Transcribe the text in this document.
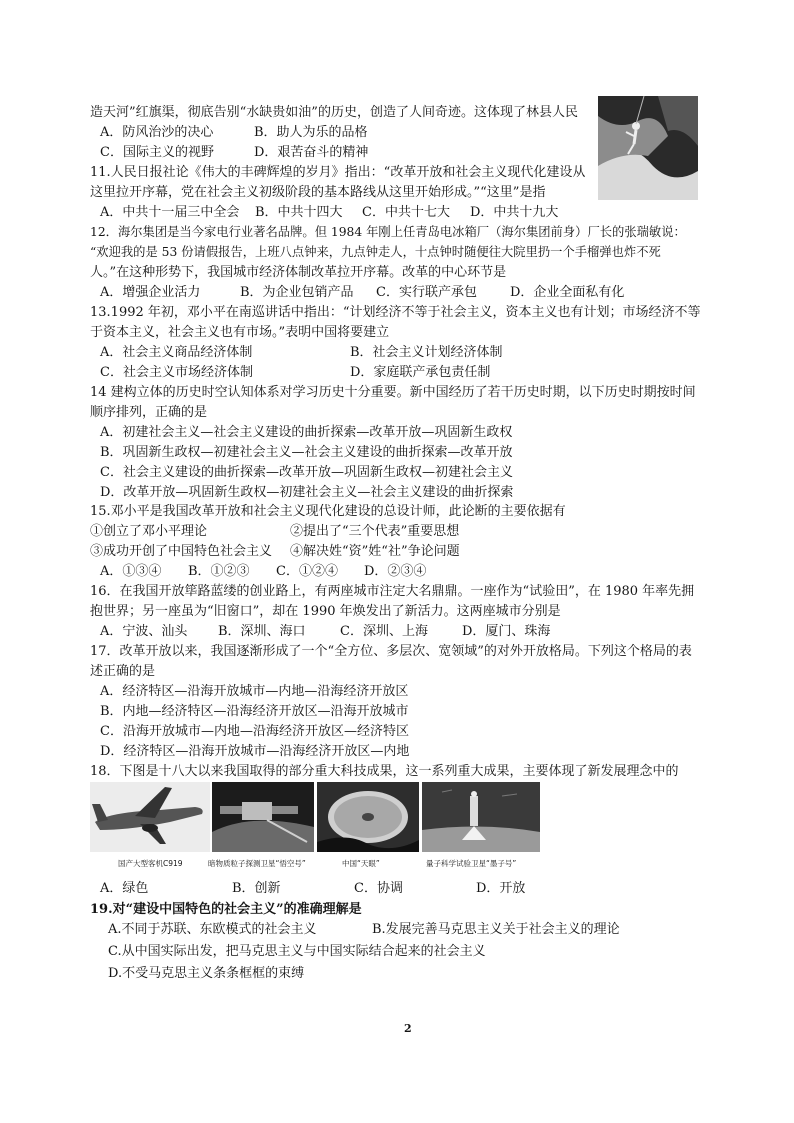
造天河”红旗渠，彻底告别“水缺贵如油”的历史，创造了人间奇迹。这体现了林县人民
A．防风治沙的决心	B．助人为乐的品格
C．国际主义的视野	D．艰苦奋斗的精神
11.人民日报社论《伟大的丰碑辉煌的岁月》指出：“改革开放和社会主义现代化建设从
这里拉开序幕，党在社会主义初级阶段的基本路线从这里开始形成。”“这里”是指
A．中共十一届三中全会 B．中共十四大 C．中共十七大 D．中共十九大
12．海尔集团是当今家电行业著名品牌。但 1984 年刚上任青岛电冰箱厂（海尔集团前身）厂长的张瑞敏说：
“欢迎我的是 53 份请假报告，上班八点钟来，九点钟走人，十点钟时随便往大院里扔一个手榴弹也炸不死
人。”在这种形势下，我国城市经济体制改革拉开序幕。改革的中心环节是
A．增强企业活力	B．为企业包销产品 C．实行联产承包	D．企业全面私有化
13.1992 年初，邓小平在南巡讲话中指出：“计划经济不等于社会主义，资本主义也有计划；市场经济不等
于资本主义，社会主义也有市场。”表明中国将要建立
A．社会主义商品经济体制	B．社会主义计划经济体制
C．社会主义市场经济体制	D．家庭联产承包责任制
14 建构立体的历史时空认知体系对学习历史十分重要。新中国经历了若干历史时期，以下历史时期按时间
顺序排列，正确的是
A．初建社会主义—社会主义建设的曲折探索—改革开放—巩固新生政权
B．巩固新生政权—初建社会主义—社会主义建设的曲折探索—改革开放
C．社会主义建设的曲折探索—改革开放—巩固新生政权—初建社会主义
D．改革开放—巩固新生政权—初建社会主义—社会主义建设的曲折探索
15.邓小平是我国改革开放和社会主义现代化建设的总设计师，此论断的主要依据有
①创立了邓小平理论	②提出了“三个代表”重要思想
③成功开创了中国特色社会主义 ④解决姓“资”姓“社”争论问题
A．①③④ B．①②③ C．①②④ D．②③④
16．在我国开放筚路蓝缕的创业路上，有两座城市注定大名鼎鼎。一座作为“试验田”，在 1980 年率先拥
抱世界；另一座虽为“旧窗口”，却在 1990 年焕发出了新活力。这两座城市分别是
A．宁波、汕头 B．深圳、海口	C．深圳、上海	D．厦门、珠海
17．改革开放以来，我国逐渐形成了一个“全方位、多层次、宽领域”的对外开放格局。下列这个格局的表
述正确的是
A．经济特区—沿海开放城市—内地—沿海经济开放区
B．内地—经济特区—沿海经济开放区—沿海开放城市
C．沿海开放城市—内地—沿海经济开放区—经济特区
D．经济特区—沿海开放城市—沿海经济开放区—内地
18．下图是十八大以来我国取得的部分重大科技成果，这一系列重大成果，主要体现了新发展理念中的
国产大型客机C919	暗物质粒子探测卫星“悟空号”	中国“天眼”	量子科学试验卫星“墨子号”
A．绿色	B．创新	C．协调	D．开放
19.对“建设中国特色的社会主义”的准确理解是
A.不同于苏联、东欧模式的社会主义	B.发展完善马克思主义关于社会主义的理论
C.从中国实际出发，把马克思主义与中国实际结合起来的社会主义
D.不受马克思主义条条框框的束缚
2
